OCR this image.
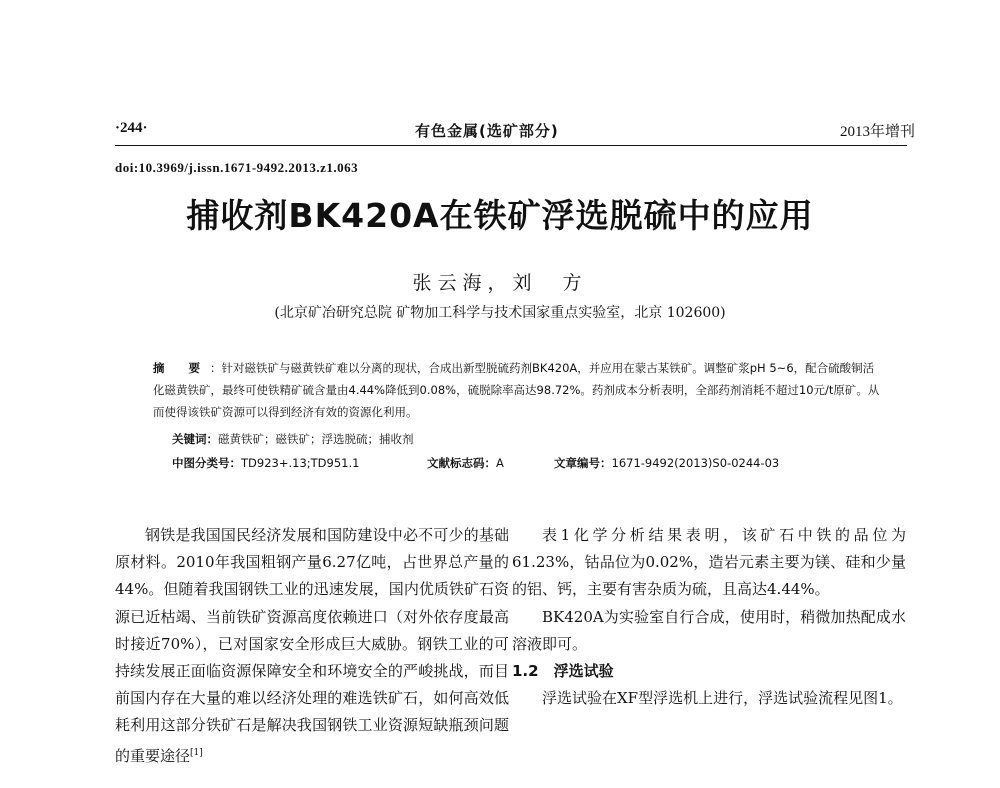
·244·	有色金属(选矿部分)	2013年增刊
doi:10.3969/j.issn.1671-9492.2013.z1.063
捕收剂BK420A在铁矿浮选脱硫中的应用
张云海，刘　方
(北京矿冶研究总院 矿物加工科学与技术国家重点实验室，北京 102600)
摘 要：针对磁铁矿与磁黄铁矿难以分离的现状，合成出新型脱硫药剂BK420A，并应用在蒙古某铁矿。调整矿浆pH 5~6，配合硫酸铜活化磁黄铁矿，最终可使铁精矿硫含量由4.44%降低到0.08%，硫脱除率高达98.72%。药剂成本分析表明，全部药剂消耗不超过10元/t原矿。从而使得该铁矿资源可以得到经济有效的资源化利用。
关键词：磁黄铁矿；磁铁矿；浮选脱硫；捕收剂
中图分类号：TD923+.13;TD951.1	文献标志码：A	文章编号：1671-9492(2013)S0-0244-03

钢铁是我国国民经济发展和国防建设中必不可少的基础原材料。2010年我国粗钢产量6.27亿吨，占世界总产量的44%。但随着我国钢铁工业的迅速发展，国内优质铁矿石资源已近枯竭、当前铁矿资源高度依赖进口（对外依存度最高时接近70%），已对国家安全形成巨大威胁。钢铁工业的可持续发展正面临资源保障安全和环境安全的严峻挑战，而目前国内存在大量的难以经济处理的难选铁矿石，如何高效低耗利用这部分铁矿石是解决我国钢铁工业资源短缺瓶颈问题的重要途径[1]

表1化学分析结果表明，该矿石中铁的品位为61.23%，钴品位为0.02%，造岩元素主要为镁、硅和少量的铝、钙，主要有害杂质为硫，且高达4.44%。

BK420A为实验室自行合成，使用时，稍微加热配成水溶液即可。

1.2　浮选试验

浮选试验在XF型浮选机上进行，浮选试验流程见图1。
